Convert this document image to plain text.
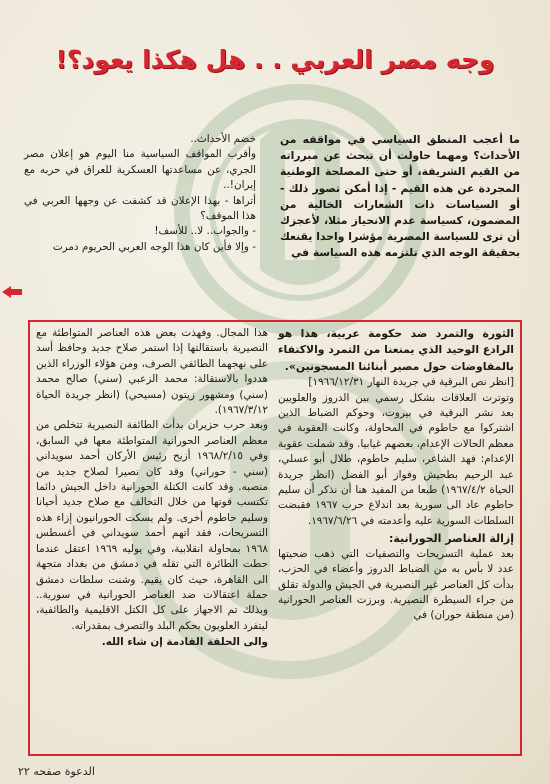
وجه مصر العربي . . هل هكذا يعود؟!

ما أعجب المنطق السياسي في مواقفه من الأحداث؟ ومهما حاولت أن تبحث عن مبرراته من القيم الشريفة، أو حتى المصلحة الوطنية المجردة عن هذه القيم - إذا أمكن تصور ذلك - أو السياسات ذات الشعارات الخالية من المضمون، كسياسة عدم الانحياز مثلا، لأعجزك أن ترى للسياسة المصرية مؤشرا واحدا يقنعك بحقيقة الوجه الذي تلتزمه هذه السياسة في

خضم الأحداث..

وأقرب المواقف السياسية منا اليوم هو إعلان مصر الجري، عن مساعدتها العسكرية للعراق في حربه مع إيران!..

أتراها - بهذا الإعلان قد كشفت عن وجهها العربي في هذا الموقف؟

- والجواب.. لا.. للأسف!

- وإلا فأين كان هذا الوجه العربي الحريوم دمرت

الثورة والتمرد ضد حكومة عربية، هذا هو الرادع الوحيد الذي يمنعنا من التمرد والاكتفاء بالمفاوضات حول مصير أبنائنا المسجونين».

[انظر نص البرقية في جريدة النهار ١٩٦٦/١٢/٣١]

وتوترت العلاقات بشكل رسمي بين الدروز والعلويين بعد نشر البرقية في بيروت، وحوكم الضباط الذين اشتركوا مع حاطوم في المحاولة، وكانت العقوبة في معظم الحالات الإعدام، بعضهم غيابيا. وقد شملت عقوبة الإعدام: فهد الشاعر، سليم حاطوم، طلال أبو عسلي، عبد الرحيم بطحيش وفواز أبو الفضل (انظر جريدة الحياة ١٩٦٧/٤/٢) طبعا من المفيد هنا أن نذكر أن سليم حاطوم عاد الى سورية بعد اندلاع حرب ١٩٦٧ فقبضت السلطات السورية عليه وأعدمته في ١٩٦٧/٦/٢٦.

إزالة العناصر الحورانية:

بعد عملية التسريحات والتصفيات التي ذهب ضحيتها عدد لا بأس به من الضباط الدروز وأعضاء في الحزب، بدأت كل العناصر غير النصيرية في الجيش والدولة تقلق من جراء السيطرة النصيرية. وبرزت العناصر الحورانية (من منطقة حوران) في

هذا المجال. وفهذت بعض هذه العناصر المتواطئة مع النصيرية باستقالتها إذا استمر صلاح جديد وحافظ أسد على نهجهما الطائفي الصرف، ومن هؤلاء الوزراء الذين هددوا بالاستقالة: محمد الزعبي (سني) صالح محمد (سني) ومشهور زيتون (مسيحي) (انظر جريدة الحياة ١٩٦٧/٣/١٢).

وبعد حرب حزيران بدأت الطائفة النصيرية تتخلص من معظم العناصر الحورانية المتواطئة معها في السابق، وفي ١٩٦٨/٢/١٥ أزيح رئيس الأركان أحمد سويداني (سني - حوراني) وقد كان نصيرا لصلاح جديد من منصبه. وقد كانت الكتلة الحورانية داخل الجيش دائما تكتسب قوتها من خلال التحالف مع صلاح جديد أحيانا وسليم حاطوم أخرى. ولم يسكت الحورانيون إزاء هذه التسريحات، فقد اتهم أحمد سويداني في أغسطس ١٩٦٨ بمحاولة انقلابية، وفي يوليه ١٩٦٩ اعتقل عندما حطت الطائرة التي تقله في دمشق من بغداد متجهة الى القاهرة، حيث كان يقيم. وشنت سلطات دمشق حملة اعتقالات ضد العناصر الحورانية في سورية.. وبذلك تم الاجهاز على كل الكتل الاقليمية والطائفية، ليتفرد العلويون بحكم البلد والتصرف بمقدراته.

والى الحلقة القادمة إن شاء الله.

الدعوة صفحه ٢٢
